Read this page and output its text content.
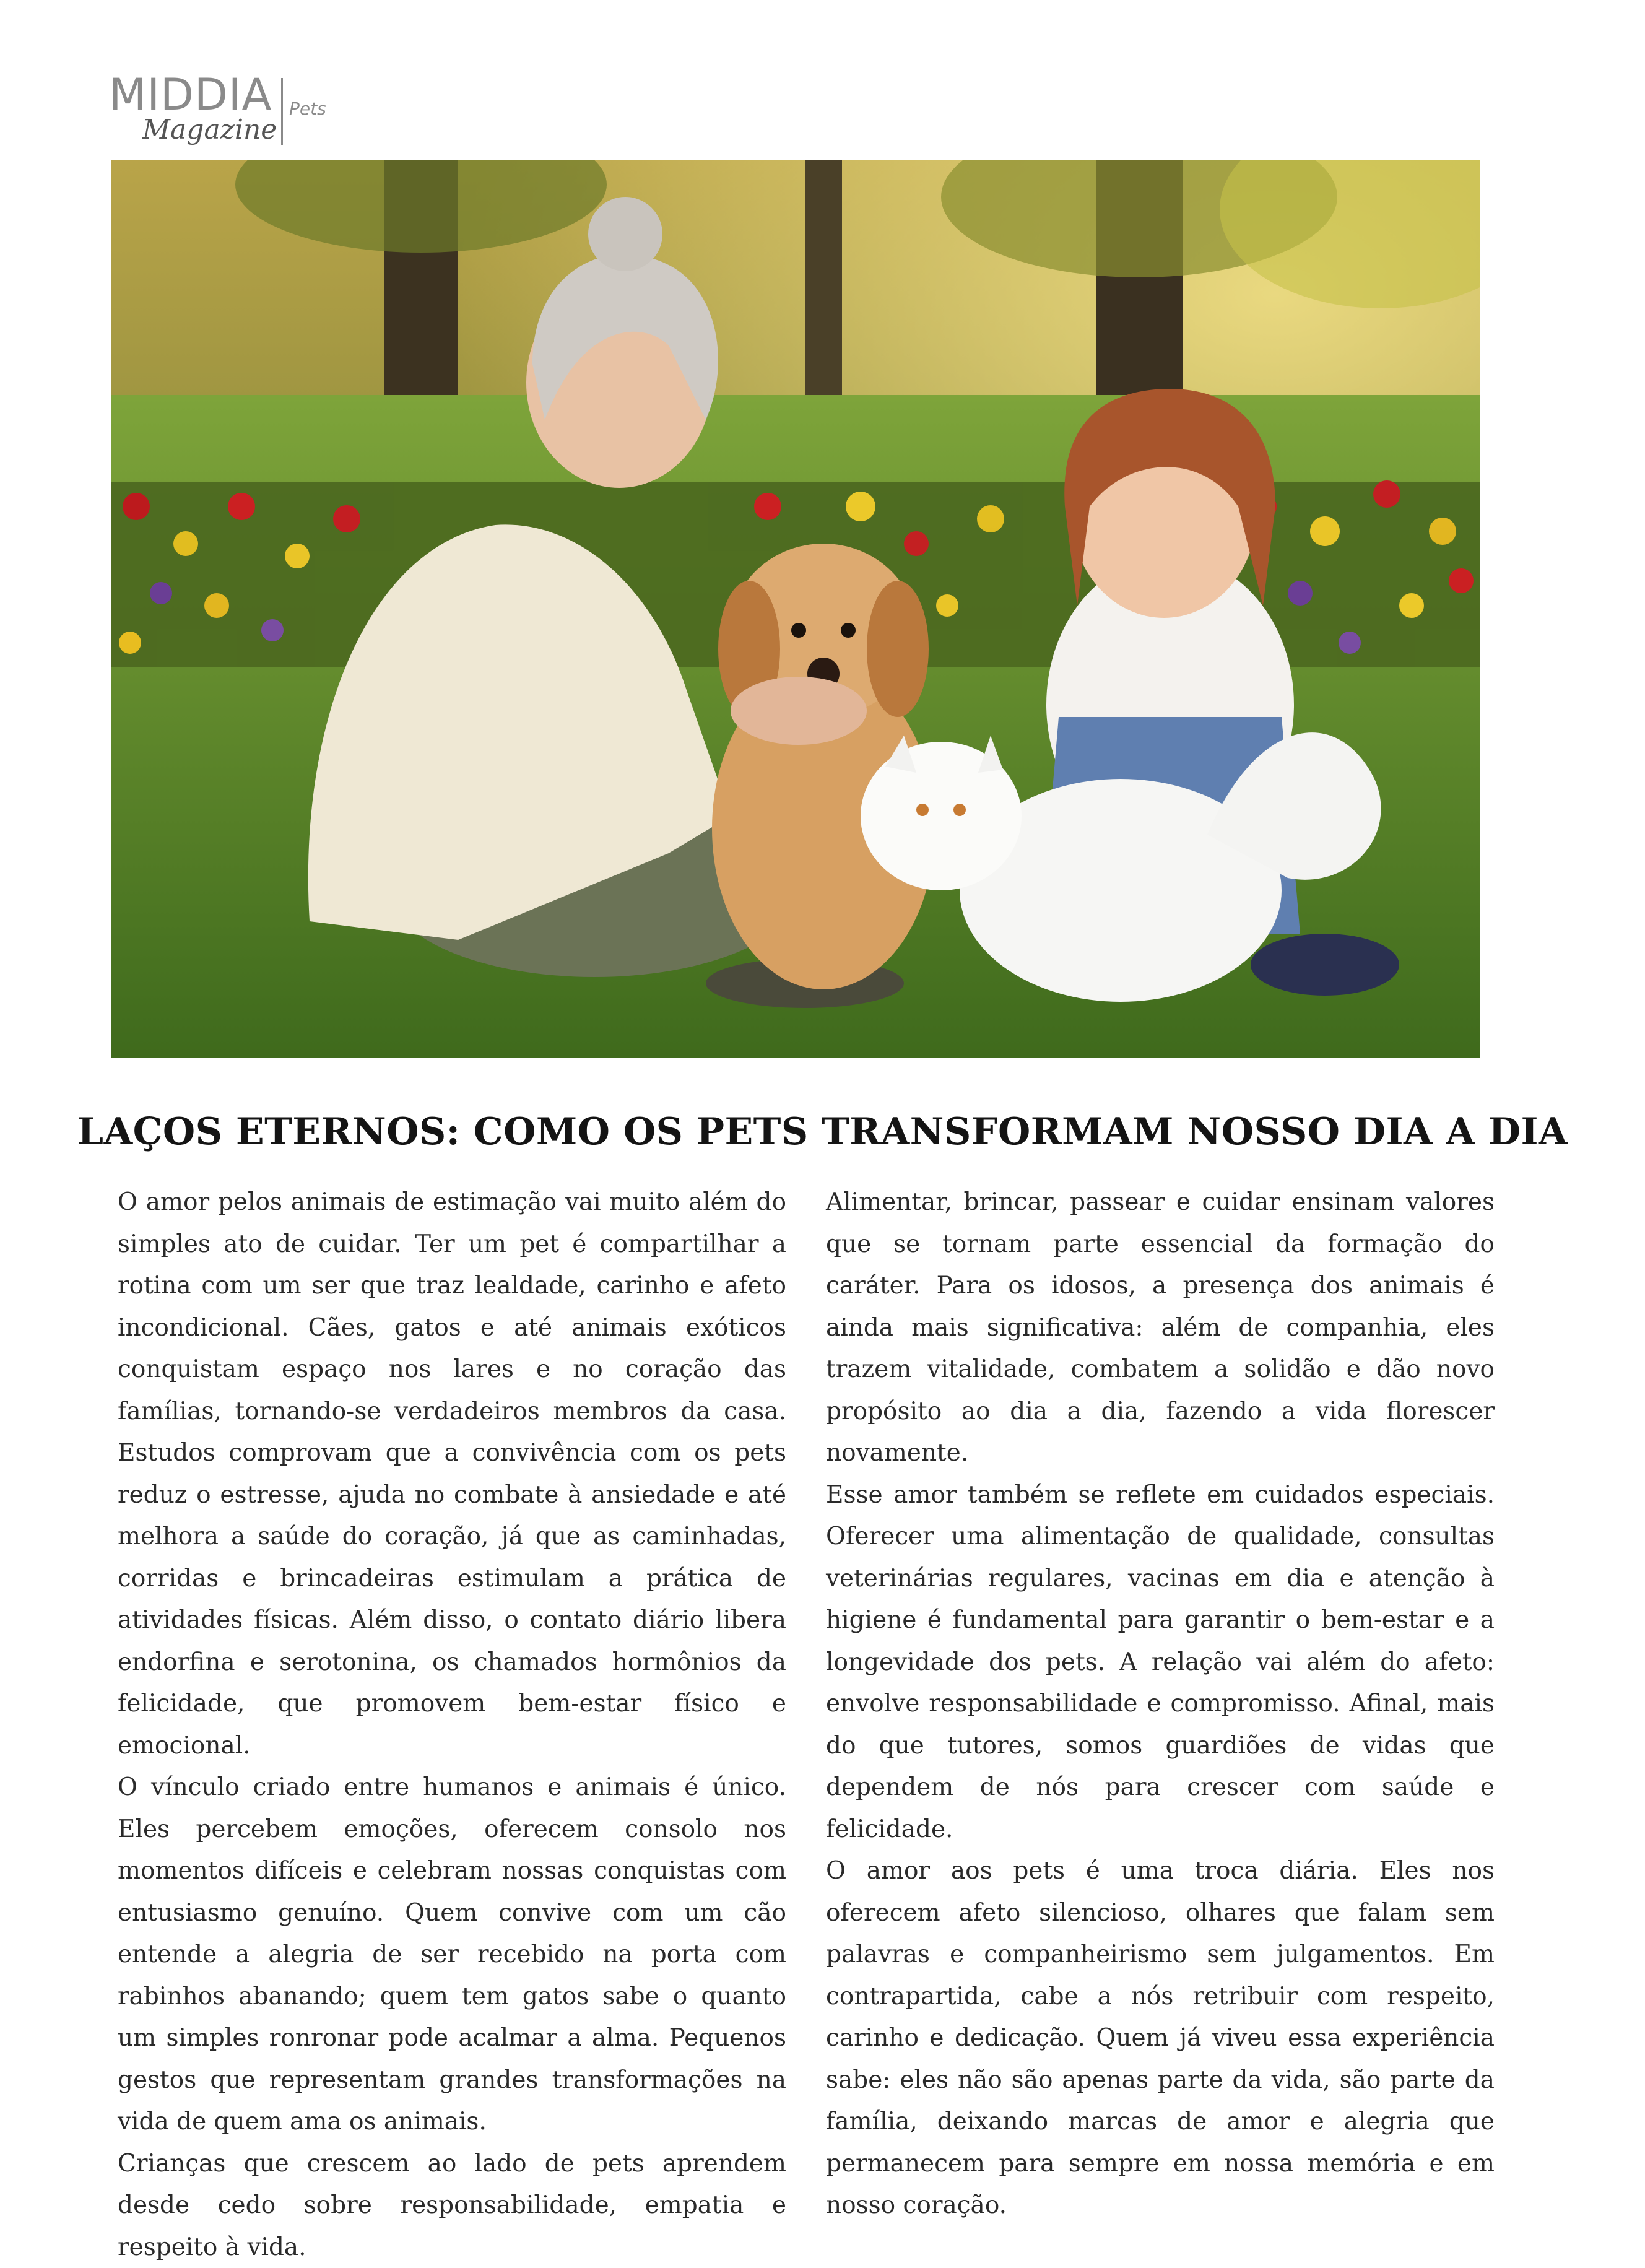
MIDDIA
Magazine
Pets
LAÇOS ETERNOS: COMO OS PETS TRANSFORMAM NOSSO DIA A DIA

O amor pelos animais de estimação vai muito além do simples ato de cuidar. Ter um pet é compartilhar a rotina com um ser que traz lealdade, carinho e afeto incondicional. Cães, gatos e até animais exóticos conquistam espaço nos lares e no coração das famílias, tornando-se verdadeiros membros da casa. Estudos comprovam que a convivência com os pets reduz o estresse, ajuda no combate à ansiedade e até melhora a saúde do coração, já que as caminhadas, corridas e brincadeiras estimulam a prática de atividades físicas. Além disso, o contato diário libera endorfina e serotonina, os chamados hormônios da felicidade, que promovem bem-estar físico e emocional.

O vínculo criado entre humanos e animais é único. Eles percebem emoções, oferecem consolo nos momentos difíceis e celebram nossas conquistas com entusiasmo genuíno. Quem convive com um cão entende a alegria de ser recebido na porta com rabinhos abanando; quem tem gatos sabe o quanto um simples ronronar pode acalmar a alma. Pequenos gestos que representam grandes transformações na vida de quem ama os animais.

Crianças que crescem ao lado de pets aprendem desde cedo sobre responsabilidade, empatia e respeito à vida.

Alimentar, brincar, passear e cuidar ensinam valores que se tornam parte essencial da formação do caráter. Para os idosos, a presença dos animais é ainda mais significativa: além de companhia, eles trazem vitalidade, combatem a solidão e dão novo propósito ao dia a dia, fazendo a vida florescer novamente.

Esse amor também se reflete em cuidados especiais. Oferecer uma alimentação de qualidade, consultas veterinárias regulares, vacinas em dia e atenção à higiene é fundamental para garantir o bem-estar e a longevidade dos pets. A relação vai além do afeto: envolve responsabilidade e compromisso. Afinal, mais do que tutores, somos guardiões de vidas que dependem de nós para crescer com saúde e felicidade.

O amor aos pets é uma troca diária. Eles nos oferecem afeto silencioso, olhares que falam sem palavras e companheirismo sem julgamentos. Em contrapartida, cabe a nós retribuir com respeito, carinho e dedicação. Quem já viveu essa experiência sabe: eles não são apenas parte da vida, são parte da família, deixando marcas de amor e alegria que permanecem para sempre em nossa memória e em nosso coração.
